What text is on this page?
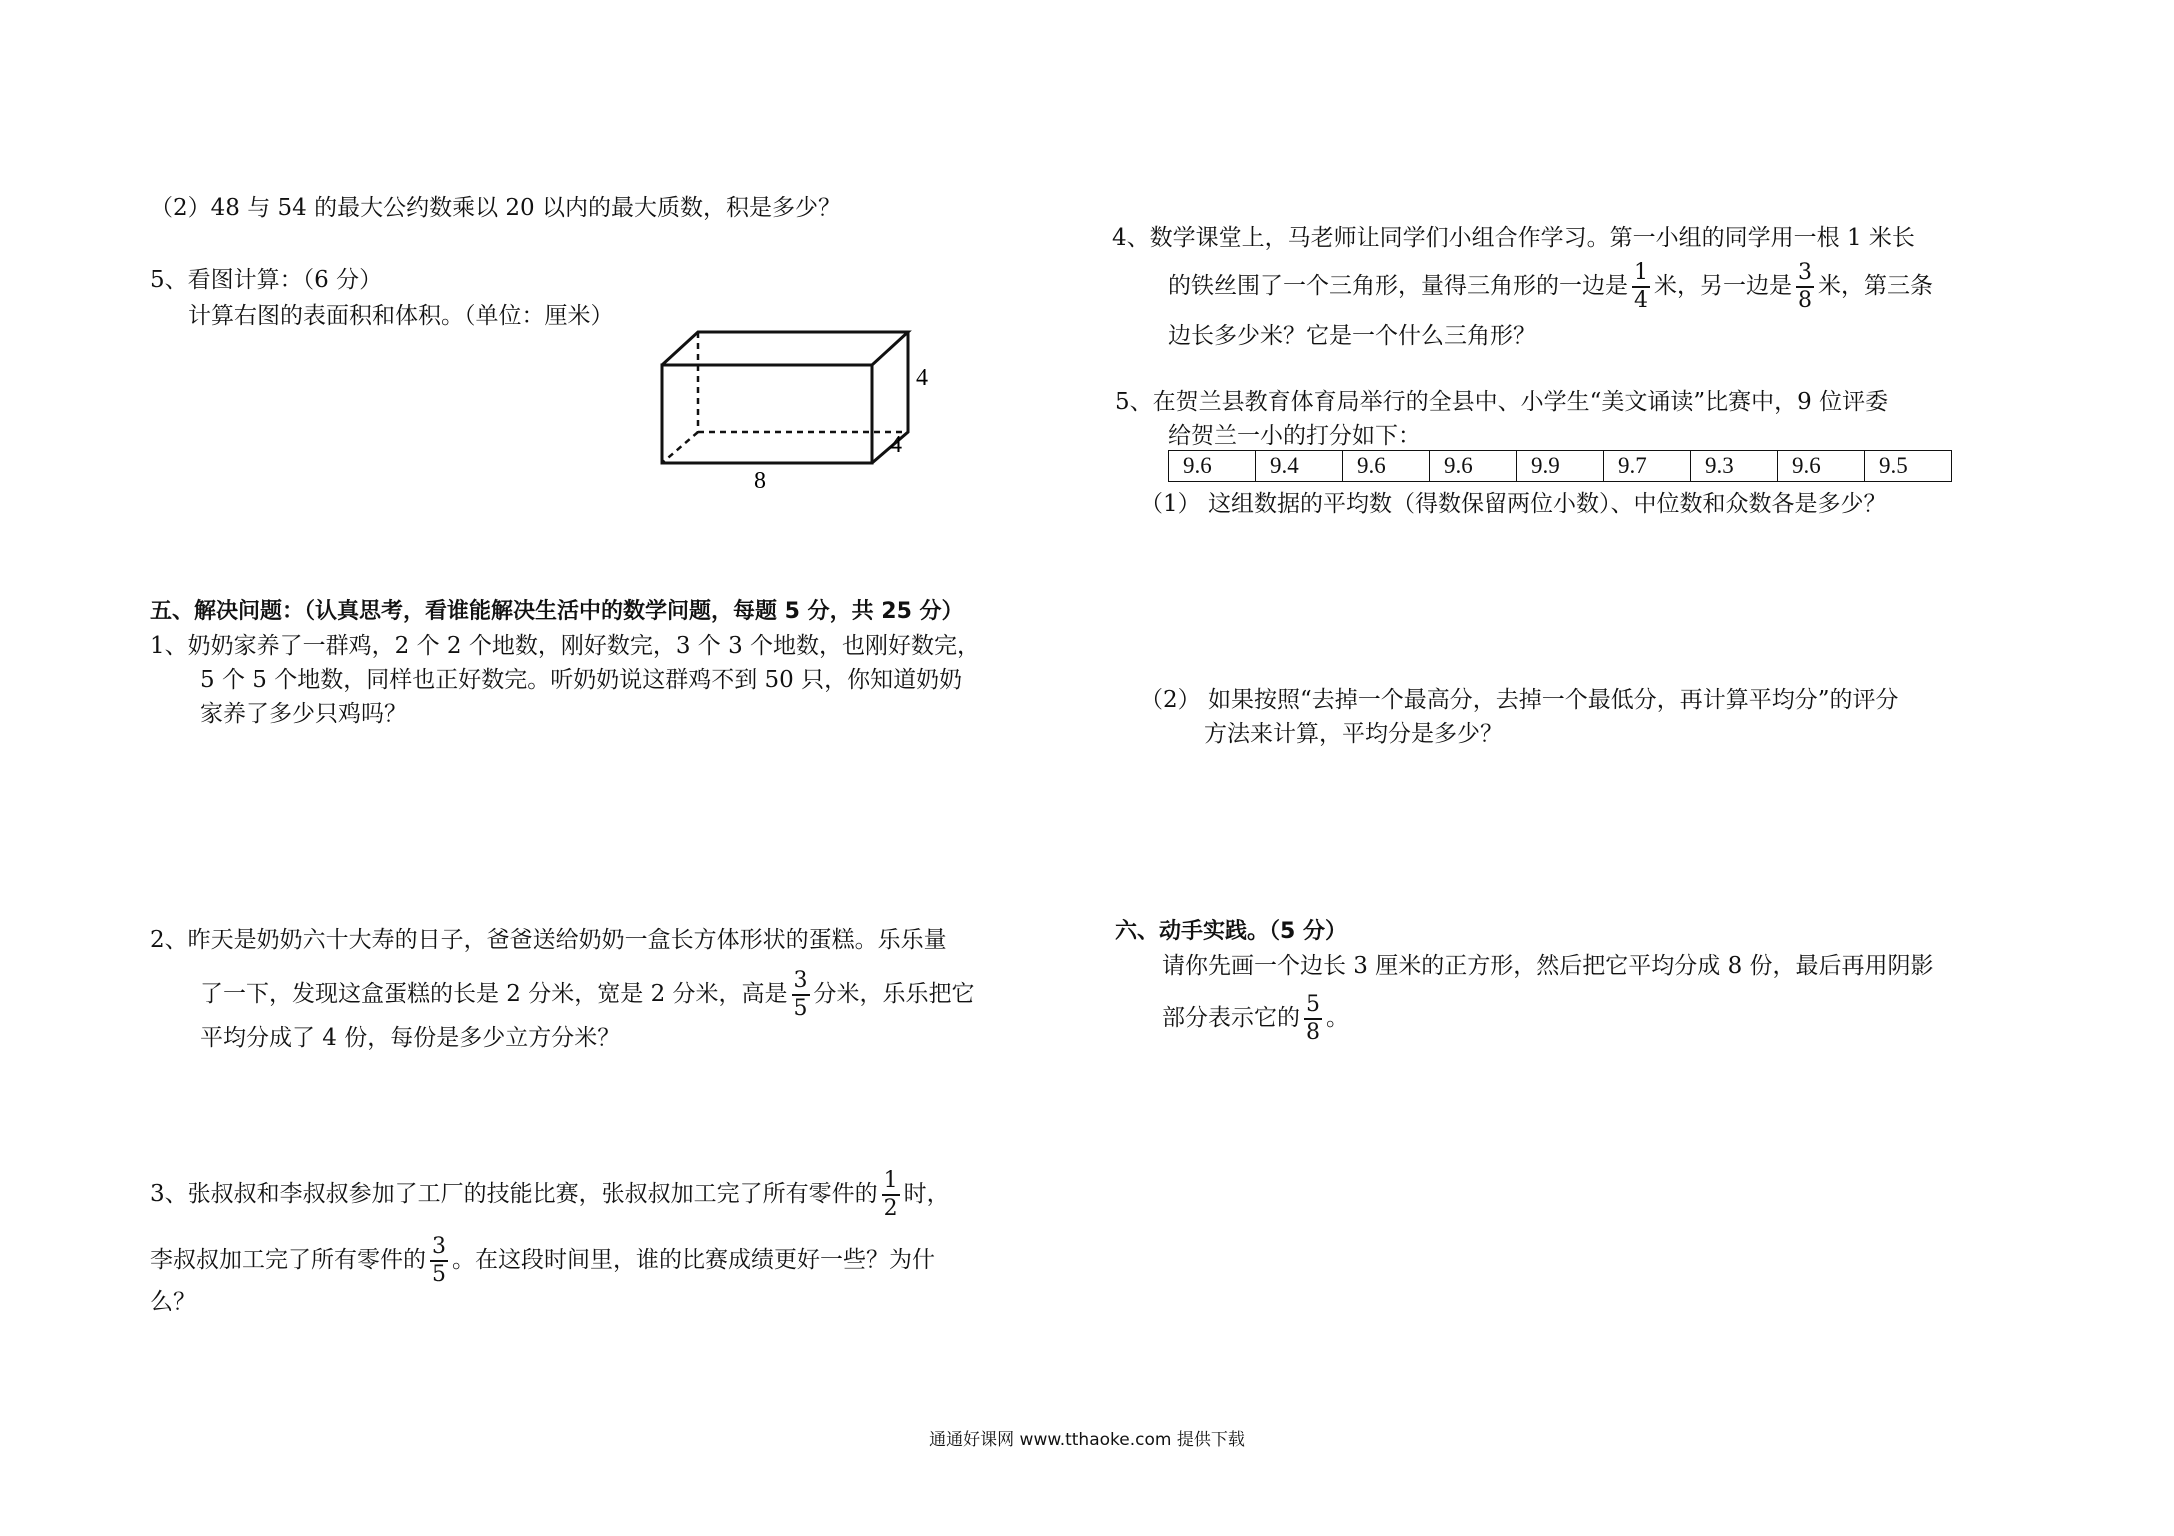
（2）48 与 54 的最大公约数乘以 20 以内的最大质数，积是多少？
5、看图计算：（6 分）
计算右图的表面积和体积。（单位：厘米）
4
4
8
五、解决问题：（认真思考，看谁能解决生活中的数学问题，每题 5 分，共 25 分）
1、奶奶家养了一群鸡，2 个 2 个地数，刚好数完，3 个 3 个地数，也刚好数完，
5 个 5 个地数，同样也正好数完。听奶奶说这群鸡不到 50 只，你知道奶奶
家养了多少只鸡吗？
2、昨天是奶奶六十大寿的日子，爸爸送给奶奶一盒长方体形状的蛋糕。乐乐量
了一下，发现这盒蛋糕的长是 2 分米，宽是 2 分米，高是 $\frac{3}{5}$ 分米，乐乐把它
平均分成了 4 份，每份是多少立方分米？
3、张叔叔和李叔叔参加了工厂的技能比赛，张叔叔加工完了所有零件的 $\frac{1}{2}$ 时，
李叔叔加工完了所有零件的 $\frac{3}{5}$ 。在这段时间里，谁的比赛成绩更好一些？为什
么？
4、数学课堂上，马老师让同学们小组合作学习。第一小组的同学用一根 1 米长
的铁丝围了一个三角形，量得三角形的一边是 $\frac{1}{4}$ 米，另一边是 $\frac{3}{8}$ 米，第三条
边长多少米？它是一个什么三角形？
5、在贺兰县教育体育局举行的全县中、小学生“美文诵读”比赛中，9 位评委
给贺兰一小的打分如下：
9.6	9.4	9.6	9.6	9.9	9.7	9.3	9.6	9.5
（1） 这组数据的平均数（得数保留两位小数）、中位数和众数各是多少？
（2） 如果按照“去掉一个最高分，去掉一个最低分，再计算平均分”的评分
方法来计算，平均分是多少？
六、动手实践。（5 分）
请你先画一个边长 3 厘米的正方形，然后把它平均分成 8 份，最后再用阴影
部分表示它的 $\frac{5}{8}$ 。
通通好课网 www.tthaoke.com 提供下载
